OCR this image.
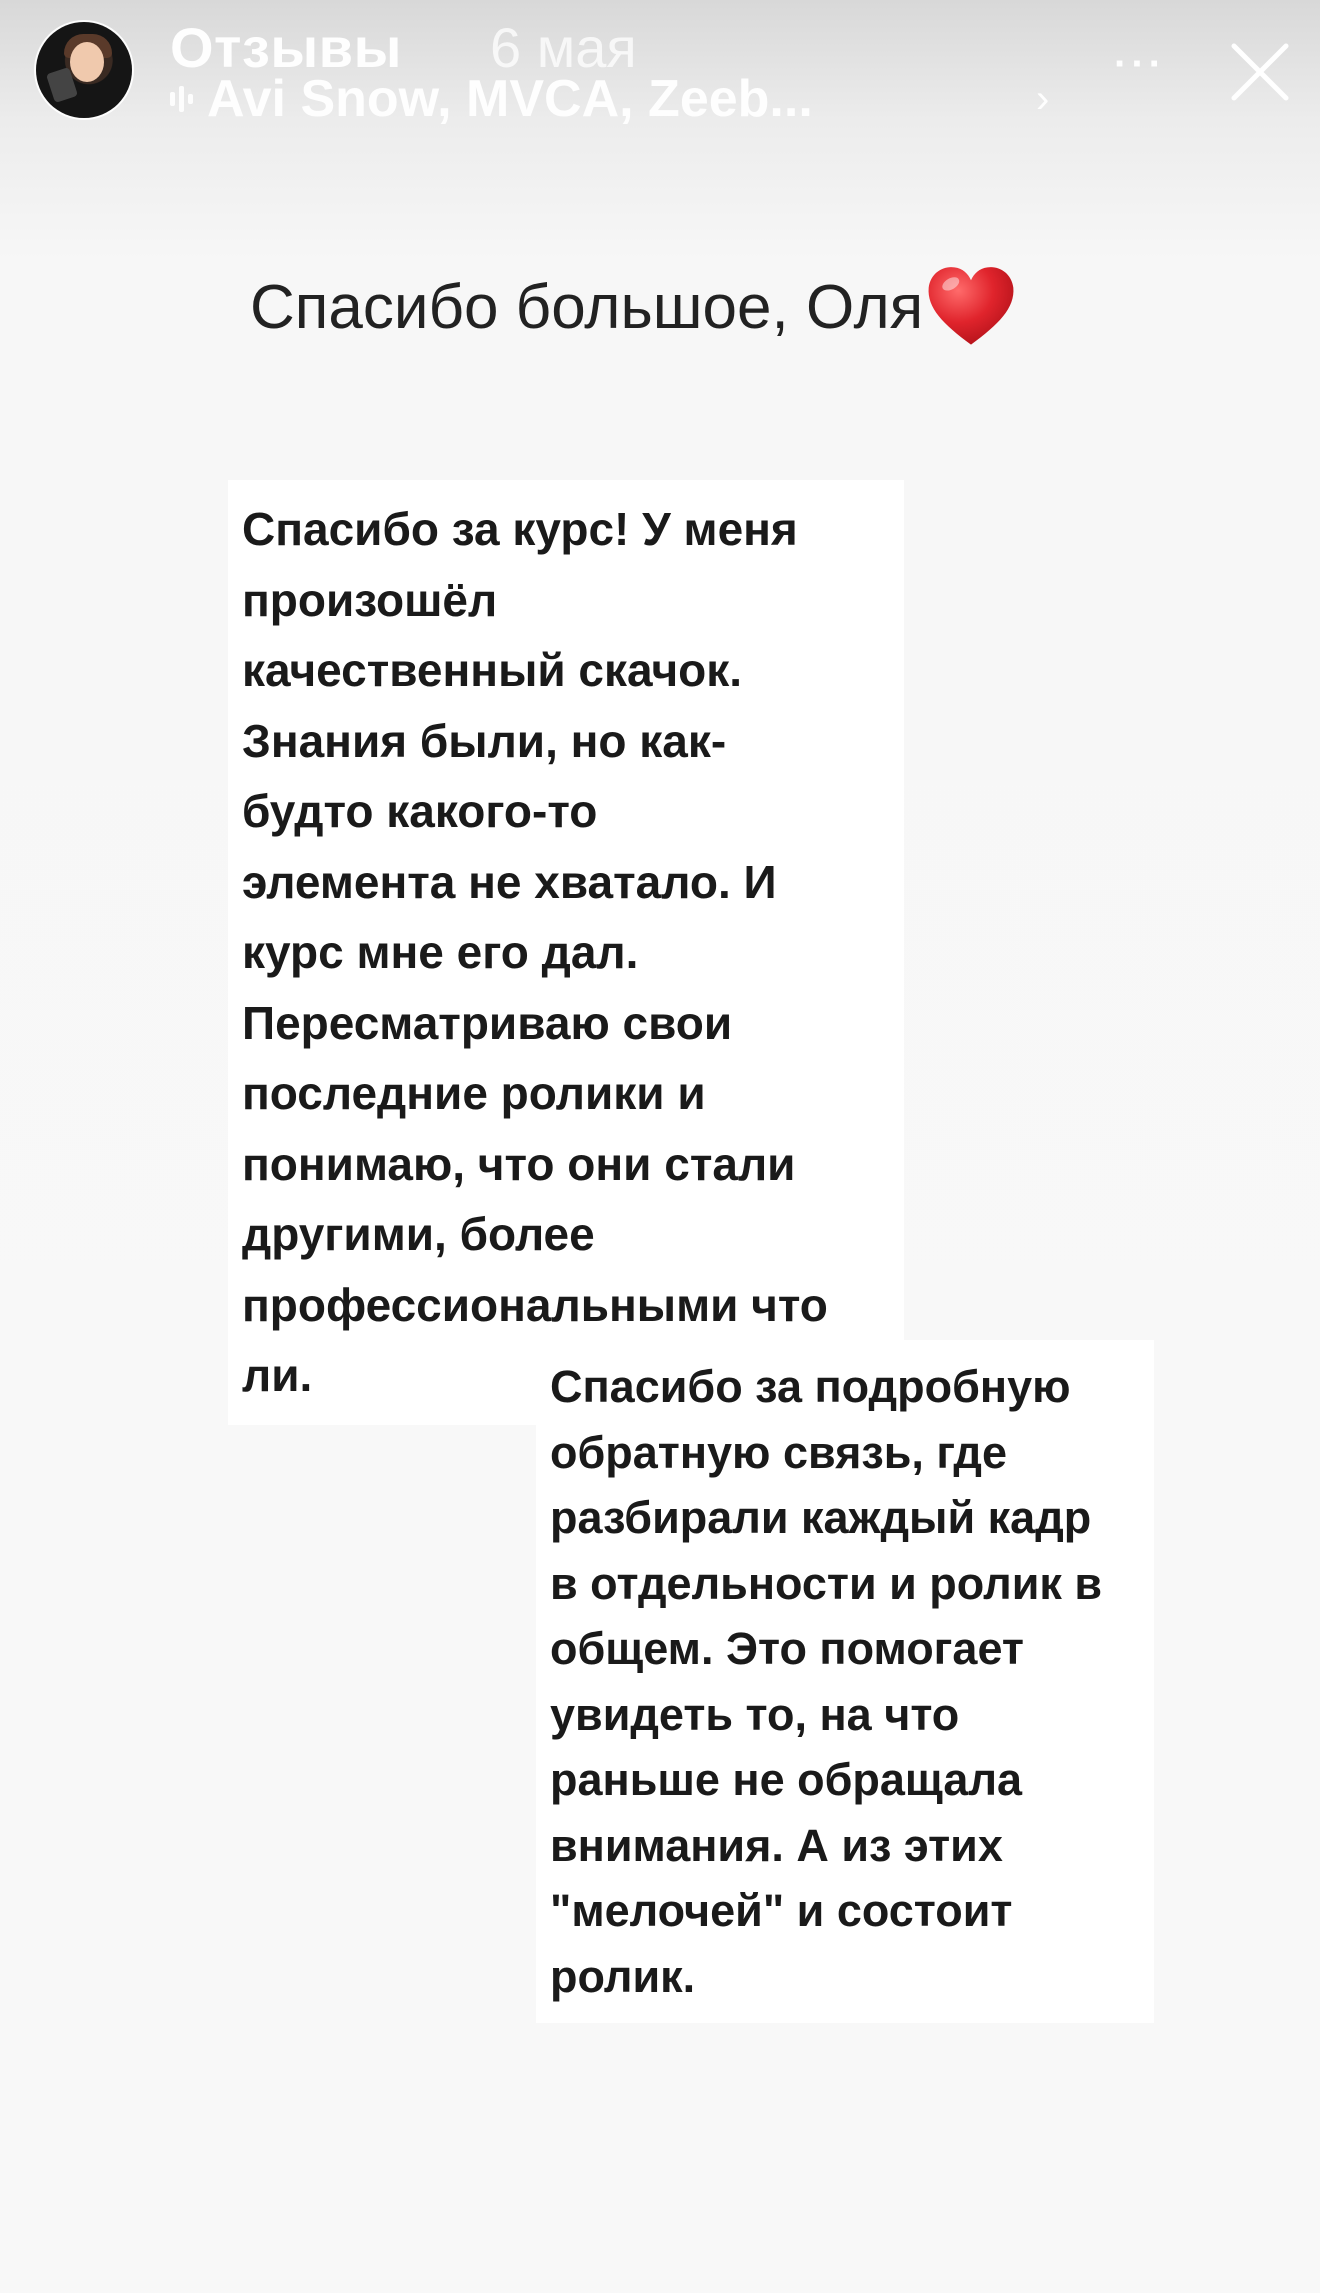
Отзывы 6 мая
Avi Snow, MVCA, Zeeb...	›
···
Спасибо большое, Оля
Спасибо за курс! У меня
произошёл
качественный скачок.
Знания были, но как-
будто какого-то
элемента не хватало. И
курс мне его дал.
Пересматриваю свои
последние ролики и
понимаю, что они стали
другими, более
профессиональными что
ли.	Спасибо за подробную
обратную связь, где
разбирали каждый кадр
в отдельности и ролик в
общем. Это помогает
увидеть то, на что
раньше не обращала
внимания. А из этих
"мелочей" и состоит
ролик.
